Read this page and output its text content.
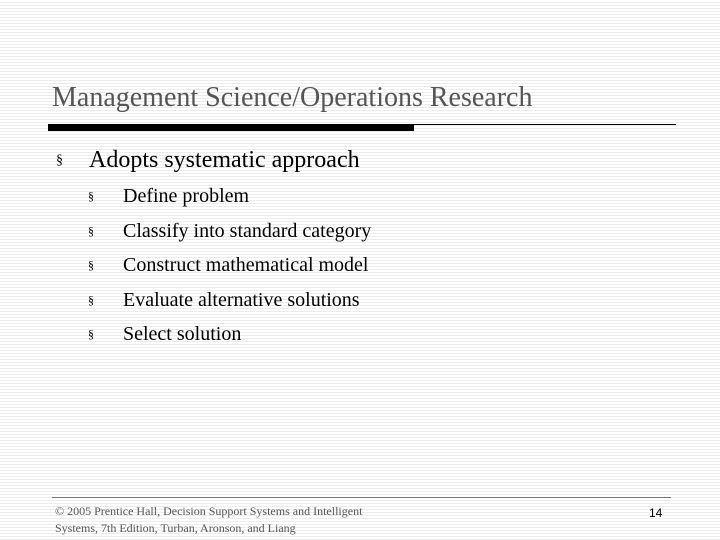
Management Science/Operations Research
§	Adopts systematic approach
§	Define problem
§	Classify into standard category
§	Construct mathematical model
§	Evaluate alternative solutions
§	Select solution
© 2005 Prentice Hall, Decision Support Systems and Intelligent
Systems, 7th Edition, Turban, Aronson, and Liang
14
